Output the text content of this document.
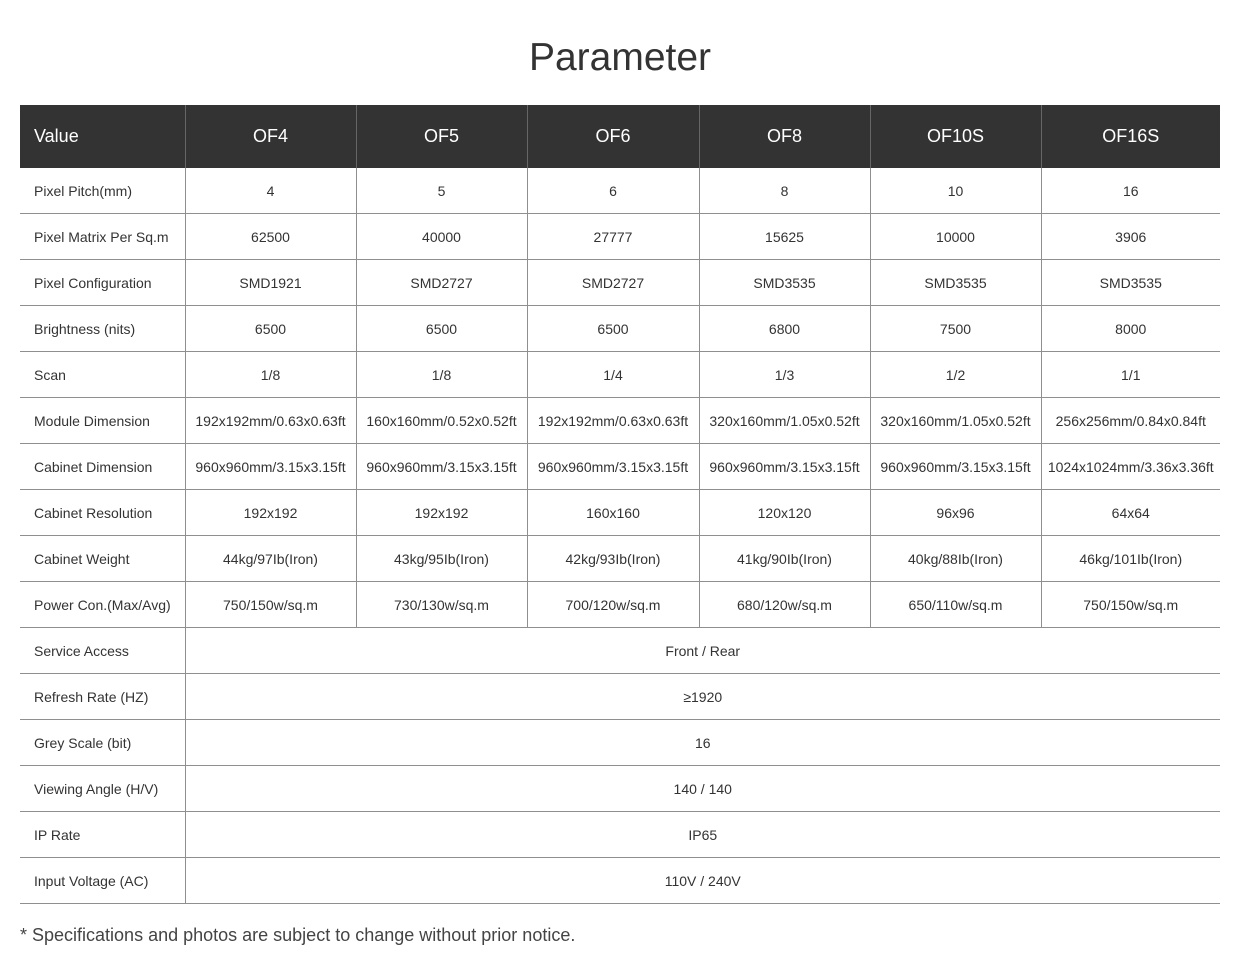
Parameter
Value	OF4	OF5	OF6	OF8	OF10S	OF16S
Pixel Pitch(mm)	4	5	6	8	10	16
Pixel Matrix Per Sq.m	62500	40000	27777	15625	10000	3906
Pixel Configuration	SMD1921	SMD2727	SMD2727	SMD3535	SMD3535	SMD3535
Brightness (nits)	6500	6500	6500	6800	7500	8000
Scan	1/8	1/8	1/4	1/3	1/2	1/1
Module Dimension	192x192mm/0.63x0.63ft	160x160mm/0.52x0.52ft	192x192mm/0.63x0.63ft	320x160mm/1.05x0.52ft	320x160mm/1.05x0.52ft	256x256mm/0.84x0.84ft
Cabinet Dimension	960x960mm/3.15x3.15ft	960x960mm/3.15x3.15ft	960x960mm/3.15x3.15ft	960x960mm/3.15x3.15ft	960x960mm/3.15x3.15ft	1024x1024mm/3.36x3.36ft
Cabinet Resolution	192x192	192x192	160x160	120x120	96x96	64x64
Cabinet Weight	44kg/97Ib(Iron)	43kg/95Ib(Iron)	42kg/93Ib(Iron)	41kg/90Ib(Iron)	40kg/88Ib(Iron)	46kg/101Ib(Iron)
Power Con.(Max/Avg)	750/150w/sq.m	730/130w/sq.m	700/120w/sq.m	680/120w/sq.m	650/110w/sq.m	750/150w/sq.m
Service Access	Front / Rear					
Refresh Rate (HZ)	≥1920					
Grey Scale (bit)	16					
Viewing Angle (H/V)	140 / 140					
IP Rate	IP65					
Input Voltage (AC)	110V / 240V					
* Specifications and photos are subject to change without prior notice.
